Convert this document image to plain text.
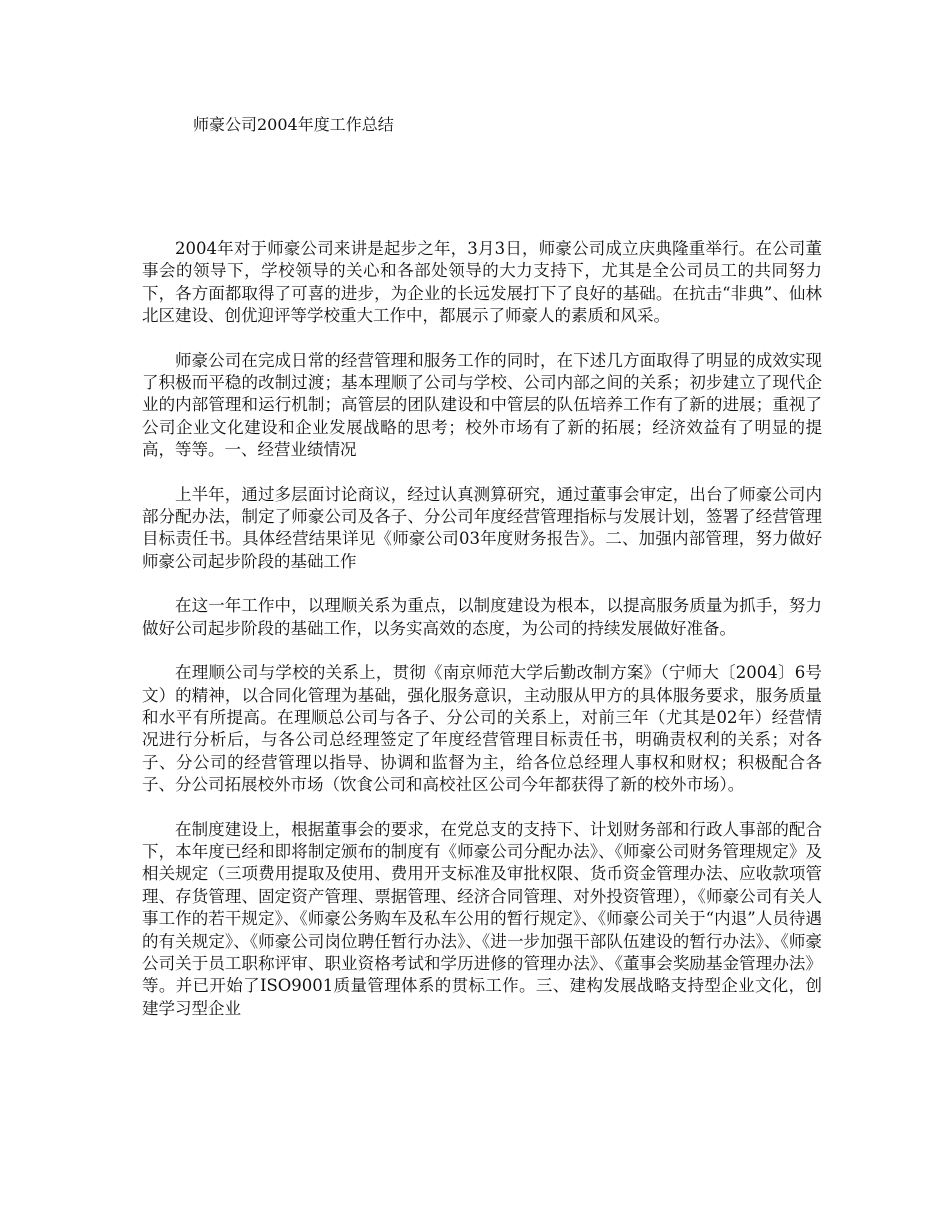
师豪公司2004年度工作总结

2004年对于师豪公司来讲是起步之年，3月3日，师豪公司成立庆典隆重举行。在公司董事会的领导下，学校领导的关心和各部处领导的大力支持下，尤其是全公司员工的共同努力下，各方面都取得了可喜的进步，为企业的长远发展打下了良好的基础。在抗击“非典”、仙林北区建设、创优迎评等学校重大工作中，都展示了师豪人的素质和风采。

师豪公司在完成日常的经营管理和服务工作的同时，在下述几方面取得了明显的成效实现了积极而平稳的改制过渡；基本理顺了公司与学校、公司内部之间的关系；初步建立了现代企业的内部管理和运行机制；高管层的团队建设和中管层的队伍培养工作有了新的进展；重视了公司企业文化建设和企业发展战略的思考；校外市场有了新的拓展；经济效益有了明显的提高，等等。一、经营业绩情况

上半年，通过多层面讨论商议，经过认真测算研究，通过董事会审定，出台了师豪公司内部分配办法，制定了师豪公司及各子、分公司年度经营管理指标与发展计划，签署了经营管理目标责任书。具体经营结果详见《师豪公司03年度财务报告》。二、加强内部管理，努力做好师豪公司起步阶段的基础工作

在这一年工作中，以理顺关系为重点，以制度建设为根本，以提高服务质量为抓手，努力做好公司起步阶段的基础工作，以务实高效的态度，为公司的持续发展做好准备。

在理顺公司与学校的关系上，贯彻《南京师范大学后勤改制方案》（宁师大〔2004〕6号文）的精神，以合同化管理为基础，强化服务意识，主动服从甲方的具体服务要求，服务质量和水平有所提高。在理顺总公司与各子、分公司的关系上，对前三年（尤其是02年）经营情况进行分析后，与各公司总经理签定了年度经营管理目标责任书，明确责权利的关系；对各子、分公司的经营管理以指导、协调和监督为主，给各位总经理人事权和财权；积极配合各子、分公司拓展校外市场（饮食公司和高校社区公司今年都获得了新的校外市场）。

在制度建设上，根据董事会的要求，在党总支的支持下、计划财务部和行政人事部的配合下，本年度已经和即将制定颁布的制度有《师豪公司分配办法》、《师豪公司财务管理规定》及相关规定（三项费用提取及使用、费用开支标准及审批权限、货币资金管理办法、应收款项管理、存货管理、固定资产管理、票据管理、经济合同管理、对外投资管理），《师豪公司有关人事工作的若干规定》、《师豪公务购车及私车公用的暂行规定》、《师豪公司关于“内退”人员待遇的有关规定》、《师豪公司岗位聘任暂行办法》、《进一步加强干部队伍建设的暂行办法》、《师豪公司关于员工职称评审、职业资格考试和学历进修的管理办法》、《董事会奖励基金管理办法》等。并已开始了ISO9001质量管理体系的贯标工作。三、建构发展战略支持型企业文化，创建学习型企业
